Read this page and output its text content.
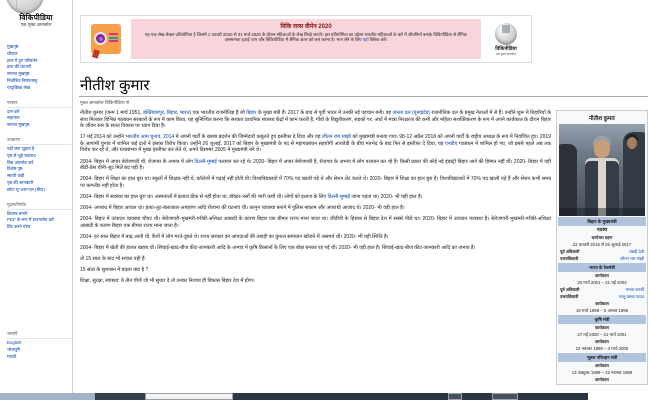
विकिपीडिया
एक मुक्त ज्ञानकोश
मुखपृष्ठ
चौपाल
हाल में हुए परिवर्तन
हाल की घटनाएँ
समाज मुखपृष्ठ
निर्वाचित विषयवस्तु
यादृच्छिक लेख
परस्पर
दान करें
सहायता
समाज मुखपृष्ठ
उपकरण
यहाँ क्या जुड़ता है
पृष्ठ से जुड़े बदलाव
चित्र अपलोड करें
विशेष पृष्ठ
स्थायी कड़ी
पृष्ठ की जानकारी
छोटा यू॰आर॰एल (बीटा)
मुद्रण/निर्यात
किताब बनाएँ
PDF के रूप में डाउनलोड करें
प्रिंट करने योग्य
भाषाएँ
English
भोजपुरी
मराठी
विकि लव्स वीमेन 2020
यह एक लेख लेखन प्रतियोगिता है जिसमें 1 फरवरी 2020 से 31 मार्च 2020 के दौरान महिलाओं के लेख लिखे जाएंगे। इस प्रतियोगिता का उद्देश्य भारतीय महिलाओं के बारे में जीवनियाँ बनाके विकिपीडिया से लैंगिक असमानता हटाई जाए और विकिपीडिया में लैंगिक अंतर को कम करना है। भाग लेने के लिए यहाँ क्लिक करें।
विकिपीडिया
एक मुक्त ज्ञानकोश
नीतीश कुमार
मुक्त ज्ञानकोश विकिपीडिया से
नीतीश कुमार
बिहार के मुख्यमंत्री
पदस्थ
कार्यभार ग्रहण
22 फ़रवरी 2015 से 26 जुलाई 2017
पूर्व अधिकारी	राबड़ी देवी
उत्तराधिकारी	जीतन राम मांझी
भारत के रेलमंत्री
कार्यकाल
20 मार्च 2001 – 21 मई 2004
पूर्व अधिकारी	ममता बनर्जी
उत्तराधिकारी	लालू प्रसाद यादव
कार्यकाल
16 मार्च 1998 – 5 अगस्त 1999
कृषि मंत्री
कार्यकाल
27 मई 2000 – 21 मार्च 2001
कार्यकाल
22 नवम्बर 1999 – 3 मार्च 2000
भूतल परिवहन मंत्री
कार्यकाल
13 अक्टूबर 1999 – 22 नवम्बर 1999
कार्यकाल

नीतीश कुमार (जन्म 1 मार्च 1951, बख्तियारपुर, बिहार, भारत) एक भारतीय राजनीतिज्ञ हैं जो बिहार के मुख्य मंत्री हैं। 2017 के बाद से पूर्वी भारत में उनकी नई पहचान बनी। वह जनता दल (यूनाइटेड) राजनीतिक दल के प्रमुख नेताओं में से हैं। उन्होंने शुरू में बिहारियों के साथ मिलकर विभिन्न गठबंधन सरकारों के रूप में काम किया, यह सुनिश्चित करना कि सरकार प्राथमिक स्वास्थ्य केंद्रों में काम करती है, गाँवों के विद्युतीकरण, सड़कों पर, अंधों में मात्रा निरक्षरता की कमी और महिला सशक्तिकरण के रूप में अपने कार्यकाल के दौरान बिहार के जीवन स्तर के सतत विकास पर ध्यान दिया है।

17 मई 2014 को उन्होंने भारतीय आम चुनाव, 2014 में अपनी पार्टी के खराब प्रदर्शन की जिम्मेदारी कबूलते हुए इस्तीफा दे दिया और वह जीतन राम मांझी को मुख्यमंत्री बनाया गया। 98-12 अप्रैल 2018 को अपनी पार्टी के राष्ट्रीय अध्यक्ष के रूप में निर्वाचित हुए। 2019 के आगामी चुनाव में शामिल कई दलों ने इसका विरोध किया। उन्होंने 26 जुलाई, 2017 को बिहार के मुख्यमंत्री के पद से महागठबंधन सहयोगी आरजेडी के बीच मतभेद के बाद फिर से इस्तीफा दे दिया, यह एनडीए गठबंधन में शामिल हो गए, जो इससे पहले अब तक विरोध कर रहे थे, और यथासंभव में मुख्य इस्तीफा कर लेते थे, अपने दिसम्बर 2005 में मुख्यमंत्री बने थे।

2004- बिहार में अपार बेरोजगारी थी, रोजगार के अभाव में लोग दिल्ली-मुम्बई पलायन कर रहे थे। 2020- बिहार में अपार बेरोजगारी है, रोजगार के अभाव में लोग पलायन कर रहे हैं। किसी प्रकार की कोई नई इंडस्ट्री बिहार आने की हिम्मत नहीं थी। 2020- बिहार में वही बीड़ी-प्रेस चीनी-जूट मिलें बंद पड़ी हैं।

2004- बिहार में शिक्षा का हाल बुरा था। स्कूलों में शिक्षक नहीं थे, कॉलेजों में पढ़ाई नहीं होती थी। विश्वविद्यालयों में 70% पद खाली पड़े थे और सेशन लेट चलते थे। 2020- बिहार में शिक्षा का हाल बुरा है। विश्वविद्यालयों में 70% पद खाली पड़े हैं और सेशन कभी समय पर कम्प्लीट नहीं होता है।

2004- बिहार में स्वास्थ्य का हाल बुरा था। अस्पतालों में इलाज ठीक से नहीं होता था, डॉक्टर-नर्सों की भारी कमी थी। लोगों को इलाज के लिए दिल्ली-मुम्बई जाना पड़ता था। 2020- भी यही हाल है।

2004- अपराध में बिहार अव्वल था। हत्या-लूट-बलात्कार-अपहरण आदि रोजाना की घटनाएं थीं। कानून व्यवस्था बनाने में पुलिस नाकाम और अपराधी आज़ाद थे। 2020- भी वही हाल है।

2004- बिहार में उत्पादन व्यवस्था चौपट थी। बेरोजगारी-भुखमरी-गरीबी-अशिक्षा आबादी के कारण बिहार एक बीमार राज्य माना जाता था। जीडीपी के हिसाब से बिहार देश में सबसे पीछे था। 2020- बिहार में उत्पादन व्यवस्था है। बेरोजगारी-भुखमरी-गरीबी-अशिक्षा आबादी के कारण बिहार एक बीमार राज्य माना जाता है।

2004- हर साल बिहार में बाढ़ आती थी, कैंपों में लोग मरते-डूबते थे। राज्य सरकार इन आपदाओं की तबाही का कुशल समाधान खोजने में असमर्थ थी। 2020- भी वही स्थिति है।

2004- बिहार में खेती की हालत खराब थी। सिंचाई-खाद-बीज कीट-जानकारी आदि के अभाव में कृषि किसानों के लिए एक बोझ बनकर रह गई थी। 2020- भी वही हाल है। सिंचाई-खाद-बीज कीट-जानकारी आदि का अभाव है।

तो 15 साल के बाद भी सवाल वही है:

15 साल के सुशासन में बदला क्या है ?

शिक्षा, सुरक्षा, स्वास्थ्य: ये तीन चीजें जो भी सुधार दे तो उनका निश्चय ही विकास बिहार देश में होगा।
